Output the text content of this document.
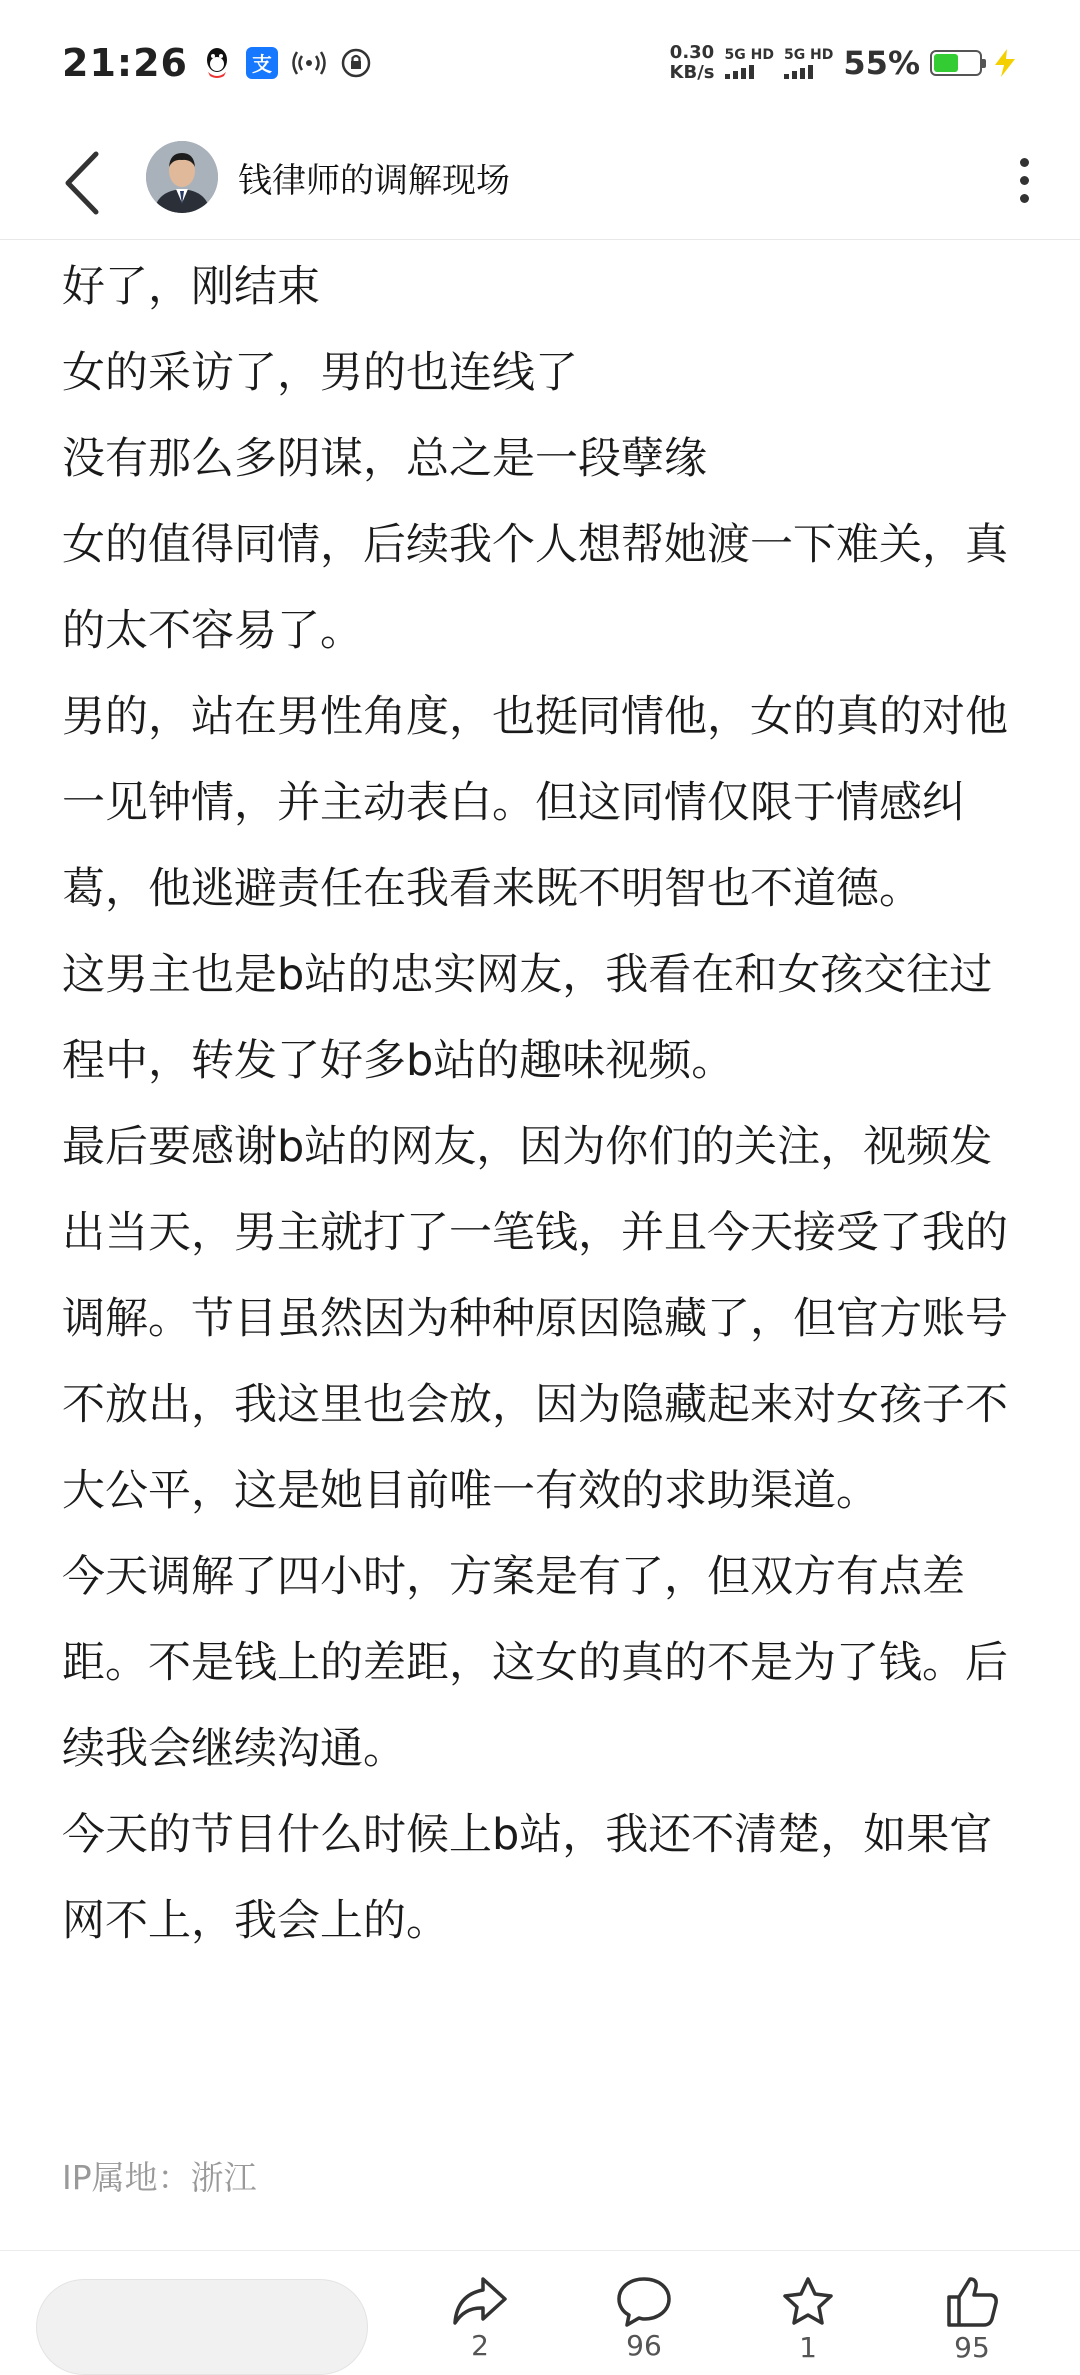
21:26	支	0.30
KB/s
5G HD 5G HD 55%
钱律师的调解现场

好了，刚结束

女的采访了，男的也连线了

没有那么多阴谋，总之是一段孽缘

女的值得同情，后续我个人想帮她渡一下难关，真的太不容易了。

男的，站在男性角度，也挺同情他，女的真的对他一见钟情，并主动表白。但这同情仅限于情感纠葛，他逃避责任在我看来既不明智也不道德。

这男主也是b站的忠实网友，我看在和女孩交往过程中，转发了好多b站的趣味视频。

最后要感谢b站的网友，因为你们的关注，视频发出当天，男主就打了一笔钱，并且今天接受了我的调解。节目虽然因为种种原因隐藏了，但官方账号不放出，我这里也会放，因为隐藏起来对女孩子不大公平，这是她目前唯一有效的求助渠道。

今天调解了四小时，方案是有了，但双方有点差距。不是钱上的差距，这女的真的不是为了钱。后续我会继续沟通。

今天的节目什么时候上b站，我还不清楚，如果官网不上，我会上的。

IP属地：浙江
2	96	1	95
